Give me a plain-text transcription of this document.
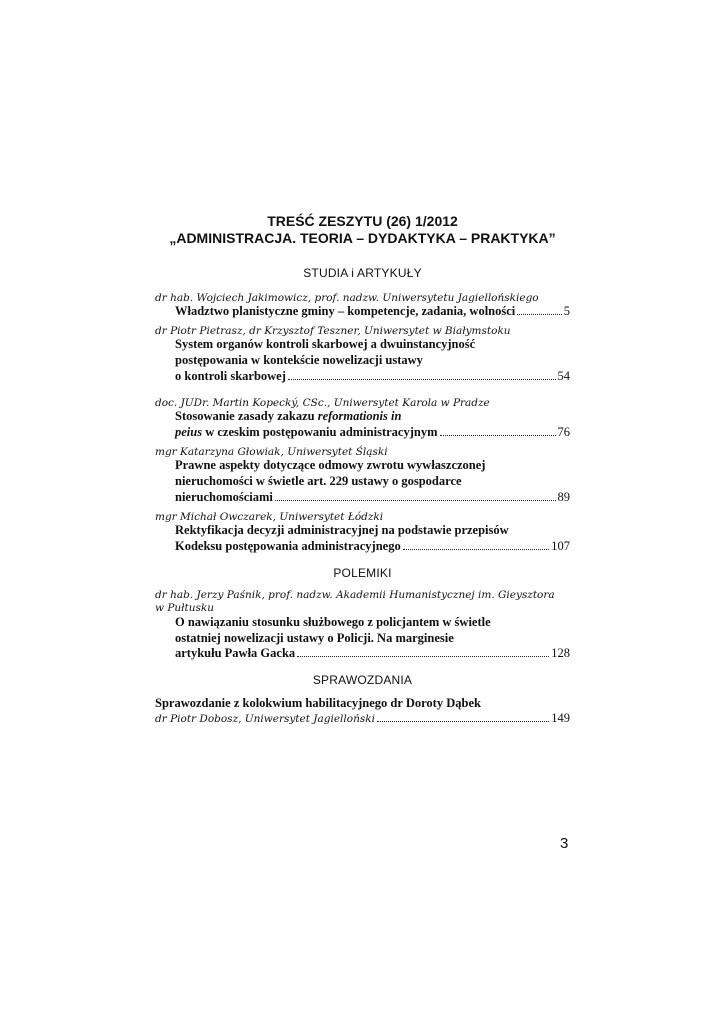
TREŚĆ ZESZYTU (26) 1/2012
„ADMINISTRACJA. TEORIA – DYDAKTYKA – PRAKTYKA”
STUDIA i ARTYKUŁY
dr hab. Wojciech Jakimowicz, prof. nadzw. Uniwersytetu Jagiellońskiego
Władztwo planistyczne gminy – kompetencje, zadania, wolności	5
dr Piotr Pietrasz, dr Krzysztof Teszner, Uniwersytet w Białymstoku
System organów kontroli skarbowej a dwuinstancyjność
postępowania w kontekście nowelizacji ustawy
o kontroli skarbowej	54
doc. JUDr. Martin Kopecký, CSc., Uniwersytet Karola w Pradze
Stosowanie zasady zakazu reformationis in
peius w czeskim postępowaniu administracyjnym	76
mgr Katarzyna Głowiak, Uniwersytet Śląski
Prawne aspekty dotyczące odmowy zwrotu wywłaszczonej
nieruchomości w świetle art. 229 ustawy o gospodarce
nieruchomościami	89
mgr Michał Owczarek, Uniwersytet Łódzki
Rektyfikacja decyzji administracyjnej na podstawie przepisów
Kodeksu postępowania administracyjnego	107
POLEMIKI
dr hab. Jerzy Paśnik, prof. nadzw. Akademii Humanistycznej im. Gieysztora
w Pułtusku
O nawiązaniu stosunku służbowego z policjantem w świetle
ostatniej nowelizacji ustawy o Policji. Na marginesie
artykułu Pawła Gacka	128
SPRAWOZDANIA
Sprawozdanie z kolokwium habilitacyjnego dr Doroty Dąbek
dr Piotr Dobosz, Uniwersytet Jagielloński	149
3
